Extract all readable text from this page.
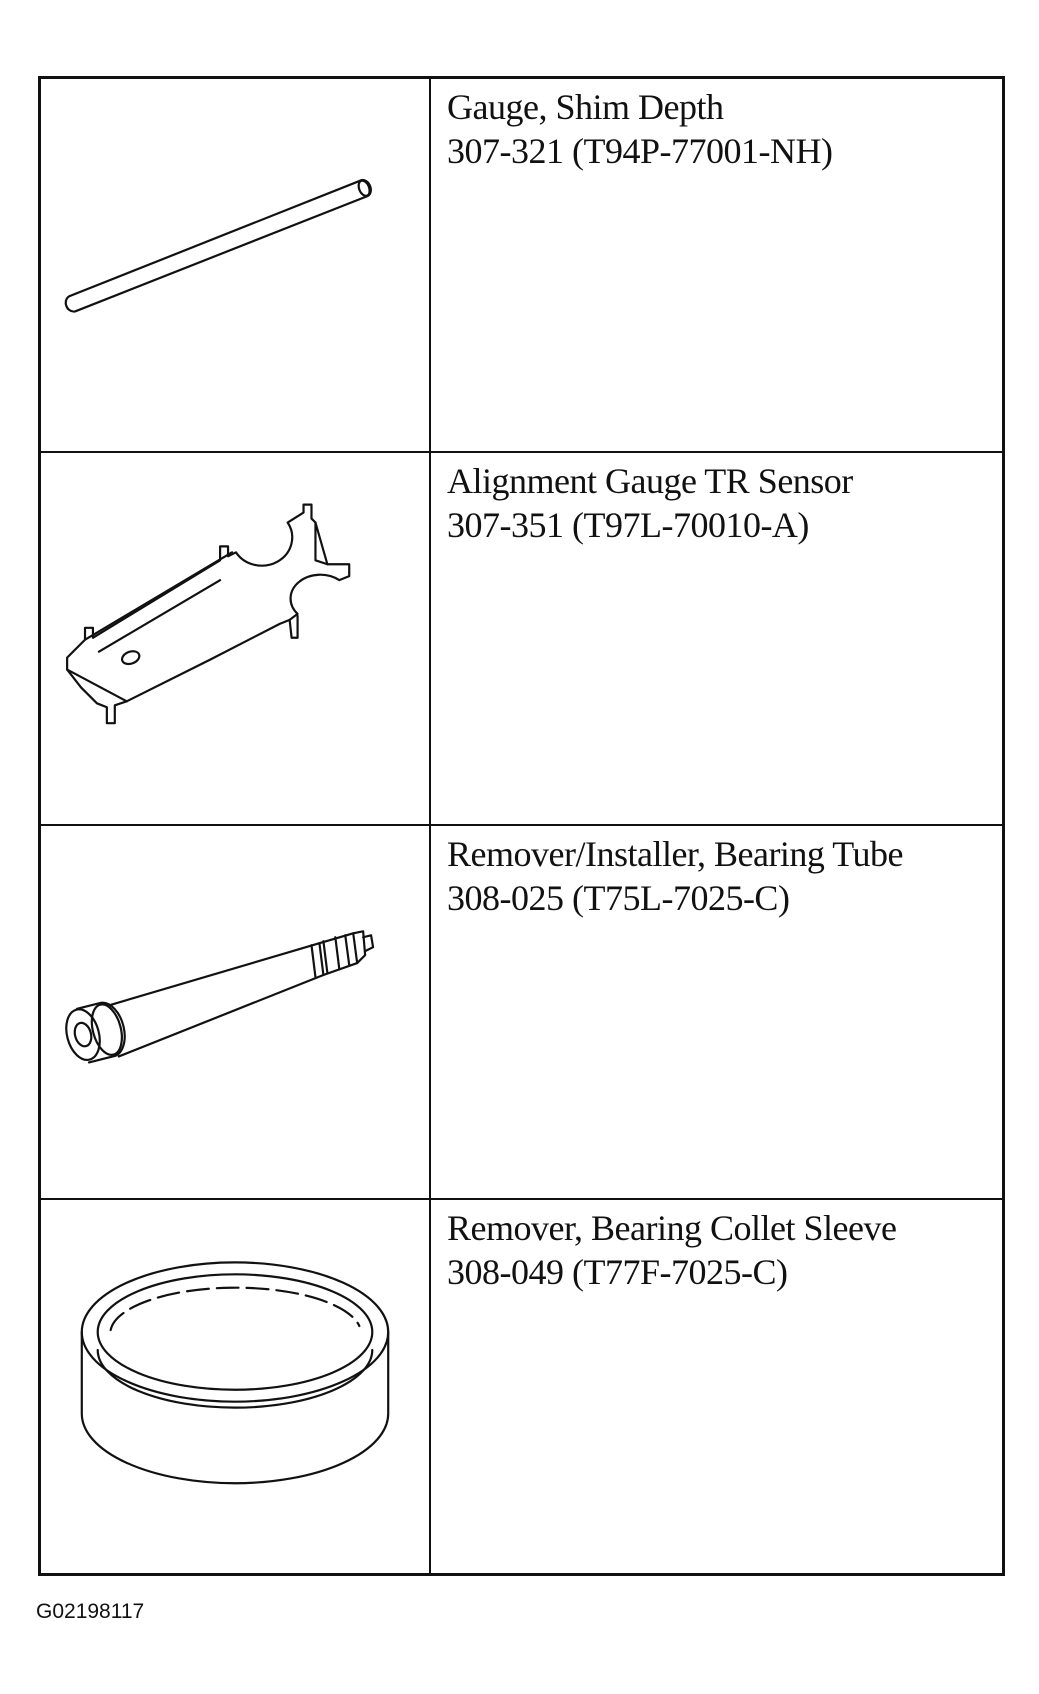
Gauge, Shim Depth
307-321 (T94P-77001-NH)
Alignment Gauge TR Sensor
307-351 (T97L-70010-A)
Remover/Installer, Bearing Tube
308-025 (T75L-7025-C)
Remover, Bearing Collet Sleeve
308-049 (T77F-7025-C)
G02198117
